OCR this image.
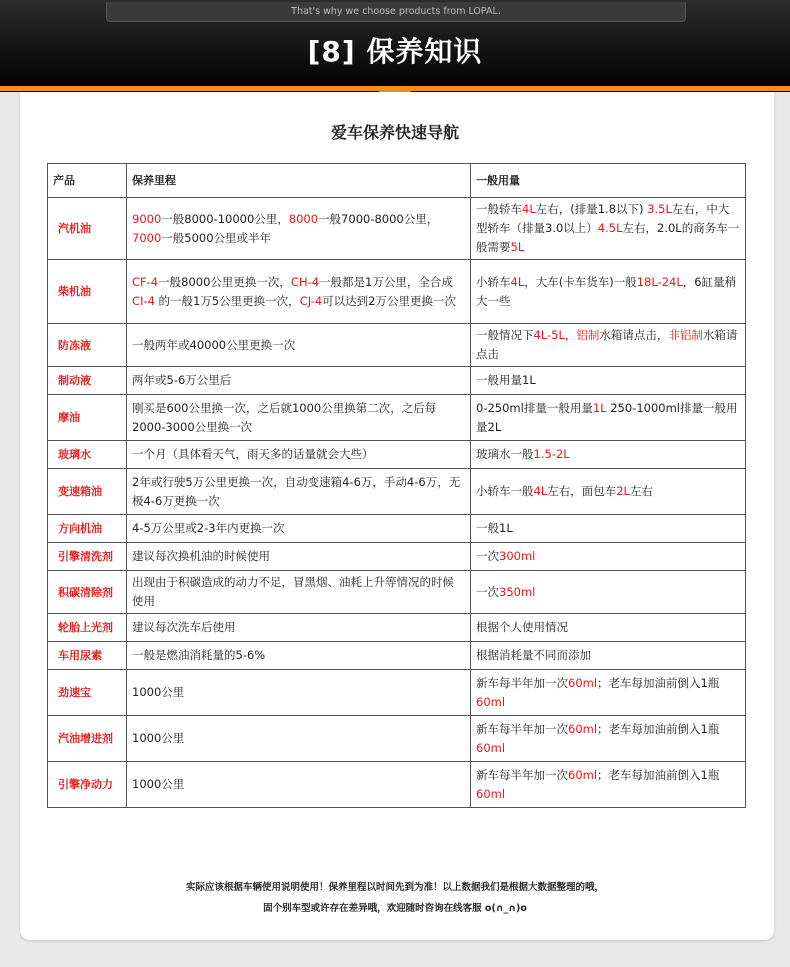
That's why we choose products from LOPAL.
[8] 保养知识
爱车保养快速导航
产品	保养里程	一般用量
汽机油	9000一般8000-10000公里，8000一般7000-8000公里，7000一般5000公里或半年	一般轿车4L左右，(排量1.8以下) 3.5L左右，中大型轿车（排量3.0以上）4.5L左右，2.0L的商务车一般需要5L
柴机油	CF-4一般8000公里更换一次，CH-4一般都是1万公里，全合成CI-4 的一般1万5公里更换一次，CJ-4可以达到2万公里更换一次	小轿车4L，大车(卡车货车)一般18L-24L，6缸量稍大一些
防冻液	一般两年或40000公里更换一次	一般情况下4L-5L，铝制水箱请点击，非铝制水箱请点击
制动液	两年或5-6万公里后	一般用量1L
摩油	刚买是600公里换一次，之后就1000公里换第二次，之后每2000-3000公里换一次	0-250ml排量一般用量1L 250-1000ml排量一般用量2L
玻璃水	一个月（具体看天气，雨天多的话量就会大些）	玻璃水一般1.5-2L
变速箱油	2年或行驶5万公里更换一次，自动变速箱4-6万，手动4-6万，无极4-6万更换一次	小轿车一般4L左右，面包车2L左右
方向机油	4-5万公里或2-3年内更换一次	一般1L
引擎清洗剂	建议每次换机油的时候使用	一次300ml
积碳清除剂	出现由于积碳造成的动力不足，冒黑烟、油耗上升等情况的时候使用	一次350ml
轮胎上光剂	建议每次洗车后使用	根据个人使用情况
车用尿素	一般是燃油消耗量的5-6%	根据消耗量不同而添加
劲速宝	1000公里	新车每半年加一次60ml；老车每加油前倒入1瓶60ml
汽油增进剂	1000公里	新车每半年加一次60ml；老车每加油前倒入1瓶60ml
引擎净动力	1000公里	新车每半年加一次60ml；老车每加油前倒入1瓶60ml
实际应该根据车辆使用说明使用！保养里程以时间先到为准！以上数据我们是根据大数据整理的哦，
固个别车型或许存在差异哦，欢迎随时咨询在线客服 o(∩_∩)o
